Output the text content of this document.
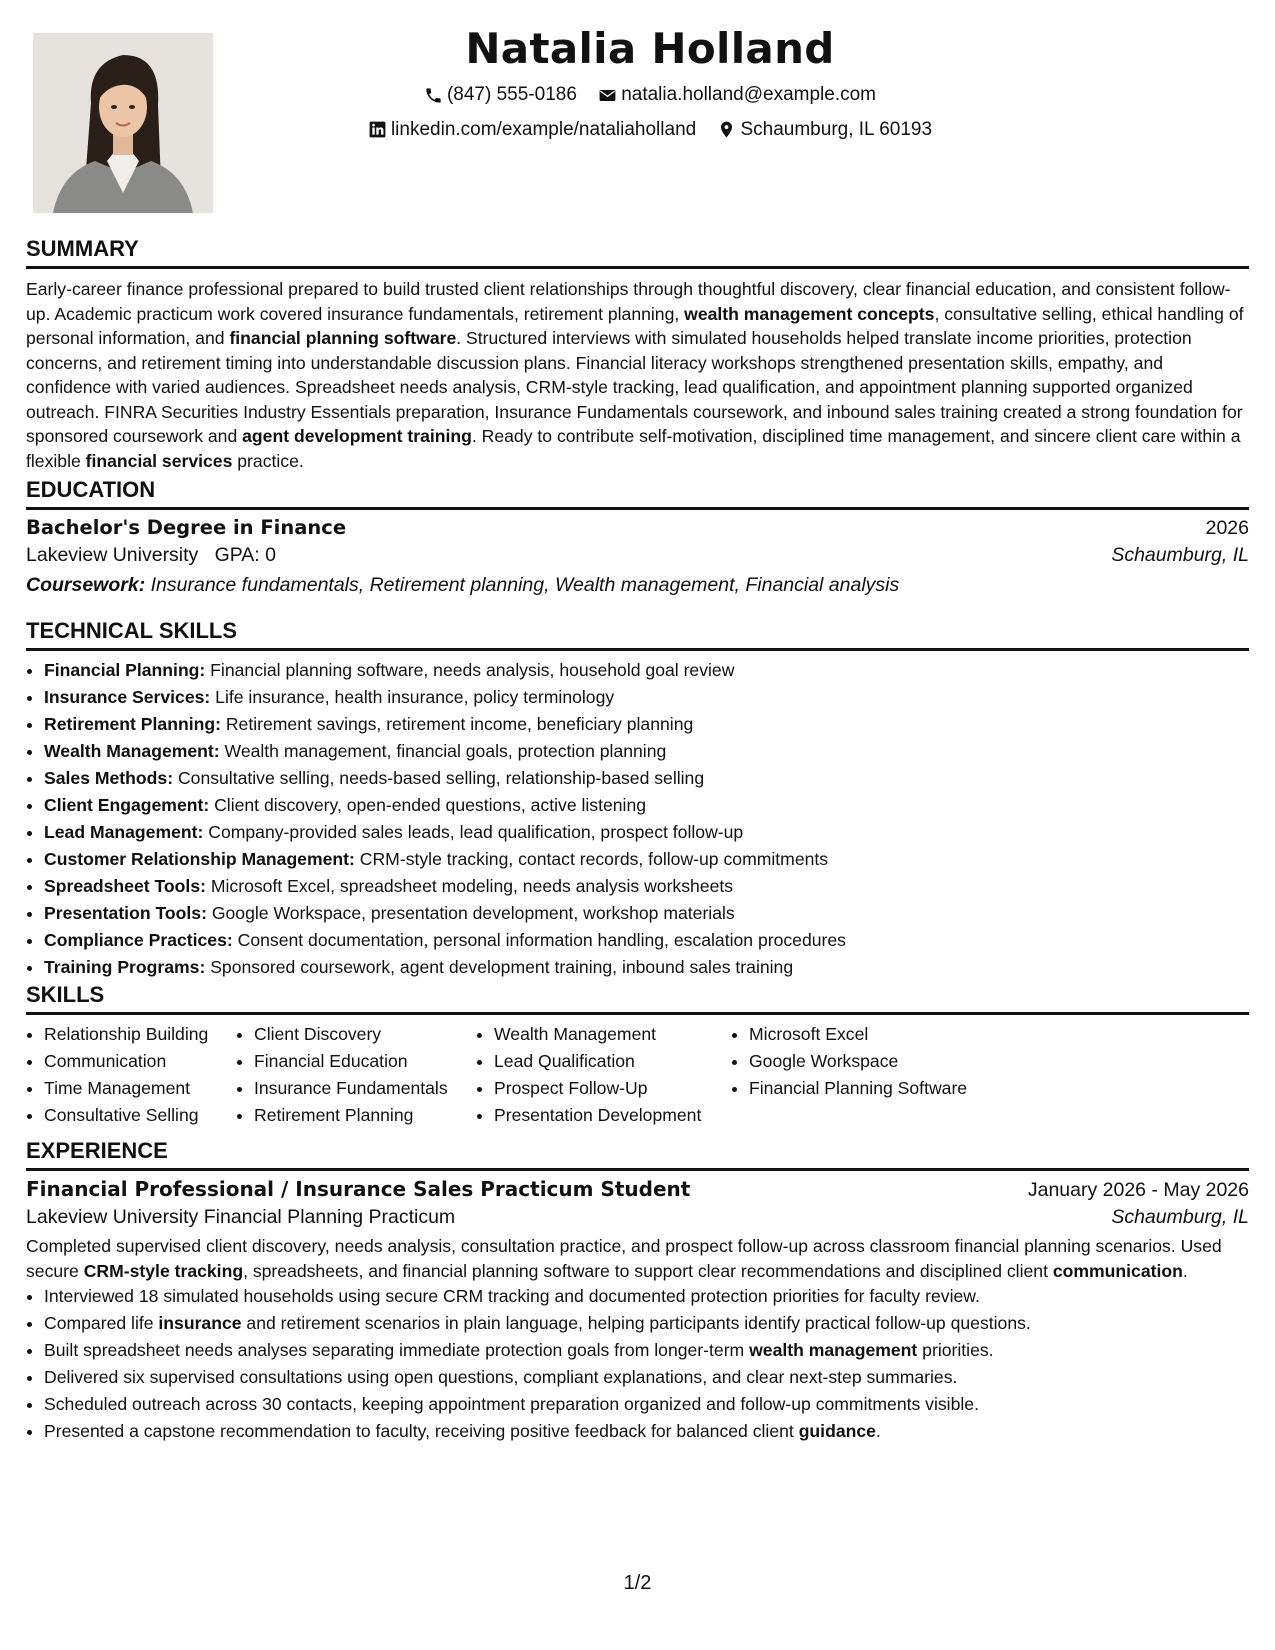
Natalia Holland
(847) 555-0186
natalia.holland@example.com
linkedin.com/example/nataliaholland
Schaumburg, IL 60193
SUMMARY
Early-career finance professional prepared to build trusted client relationships through thoughtful discovery, clear financial education, and consistent follow-up. Academic practicum work covered insurance fundamentals, retirement planning, wealth management concepts, consultative selling, ethical handling of personal information, and financial planning software. Structured interviews with simulated households helped translate income priorities, protection concerns, and retirement timing into understandable discussion plans. Financial literacy workshops strengthened presentation skills, empathy, and confidence with varied audiences. Spreadsheet needs analysis, CRM-style tracking, lead qualification, and appointment planning supported organized outreach. FINRA Securities Industry Essentials preparation, Insurance Fundamentals coursework, and inbound sales training created a strong foundation for sponsored coursework and agent development training. Ready to contribute self-motivation, disciplined time management, and sincere client care within a flexible financial services practice.
EDUCATION
Bachelor's Degree in Finance	2026
Lakeview University GPA: 0	Schaumburg, IL
Coursework: Insurance fundamentals, Retirement planning, Wealth management, Financial analysis
TECHNICAL SKILLS
• Financial Planning: Financial planning software, needs analysis, household goal review
• Insurance Services: Life insurance, health insurance, policy terminology
• Retirement Planning: Retirement savings, retirement income, beneficiary planning
• Wealth Management: Wealth management, financial goals, protection planning
• Sales Methods: Consultative selling, needs-based selling, relationship-based selling
• Client Engagement: Client discovery, open-ended questions, active listening
• Lead Management: Company-provided sales leads, lead qualification, prospect follow-up
• Customer Relationship Management: CRM-style tracking, contact records, follow-up commitments
• Spreadsheet Tools: Microsoft Excel, spreadsheet modeling, needs analysis worksheets
• Presentation Tools: Google Workspace, presentation development, workshop materials
• Compliance Practices: Consent documentation, personal information handling, escalation procedures
• Training Programs: Sponsored coursework, agent development training, inbound sales training
SKILLS
• Relationship Building
• Communication
• Time Management
• Consultative Selling
• Client Discovery
• Financial Education
• Insurance Fundamentals
• Retirement Planning
• Wealth Management
• Lead Qualification
• Prospect Follow-Up
• Presentation Development
• Microsoft Excel
• Google Workspace
• Financial Planning Software
EXPERIENCE
Financial Professional / Insurance Sales Practicum Student	January 2026 - May 2026
Lakeview University Financial Planning Practicum	Schaumburg, IL
Completed supervised client discovery, needs analysis, consultation practice, and prospect follow-up across classroom financial planning scenarios. Used secure CRM-style tracking, spreadsheets, and financial planning software to support clear recommendations and disciplined client communication.
• Interviewed 18 simulated households using secure CRM tracking and documented protection priorities for faculty review.
• Compared life insurance and retirement scenarios in plain language, helping participants identify practical follow-up questions.
• Built spreadsheet needs analyses separating immediate protection goals from longer-term wealth management priorities.
• Delivered six supervised consultations using open questions, compliant explanations, and clear next-step summaries.
• Scheduled outreach across 30 contacts, keeping appointment preparation organized and follow-up commitments visible.
• Presented a capstone recommendation to faculty, receiving positive feedback for balanced client guidance.
1/2
